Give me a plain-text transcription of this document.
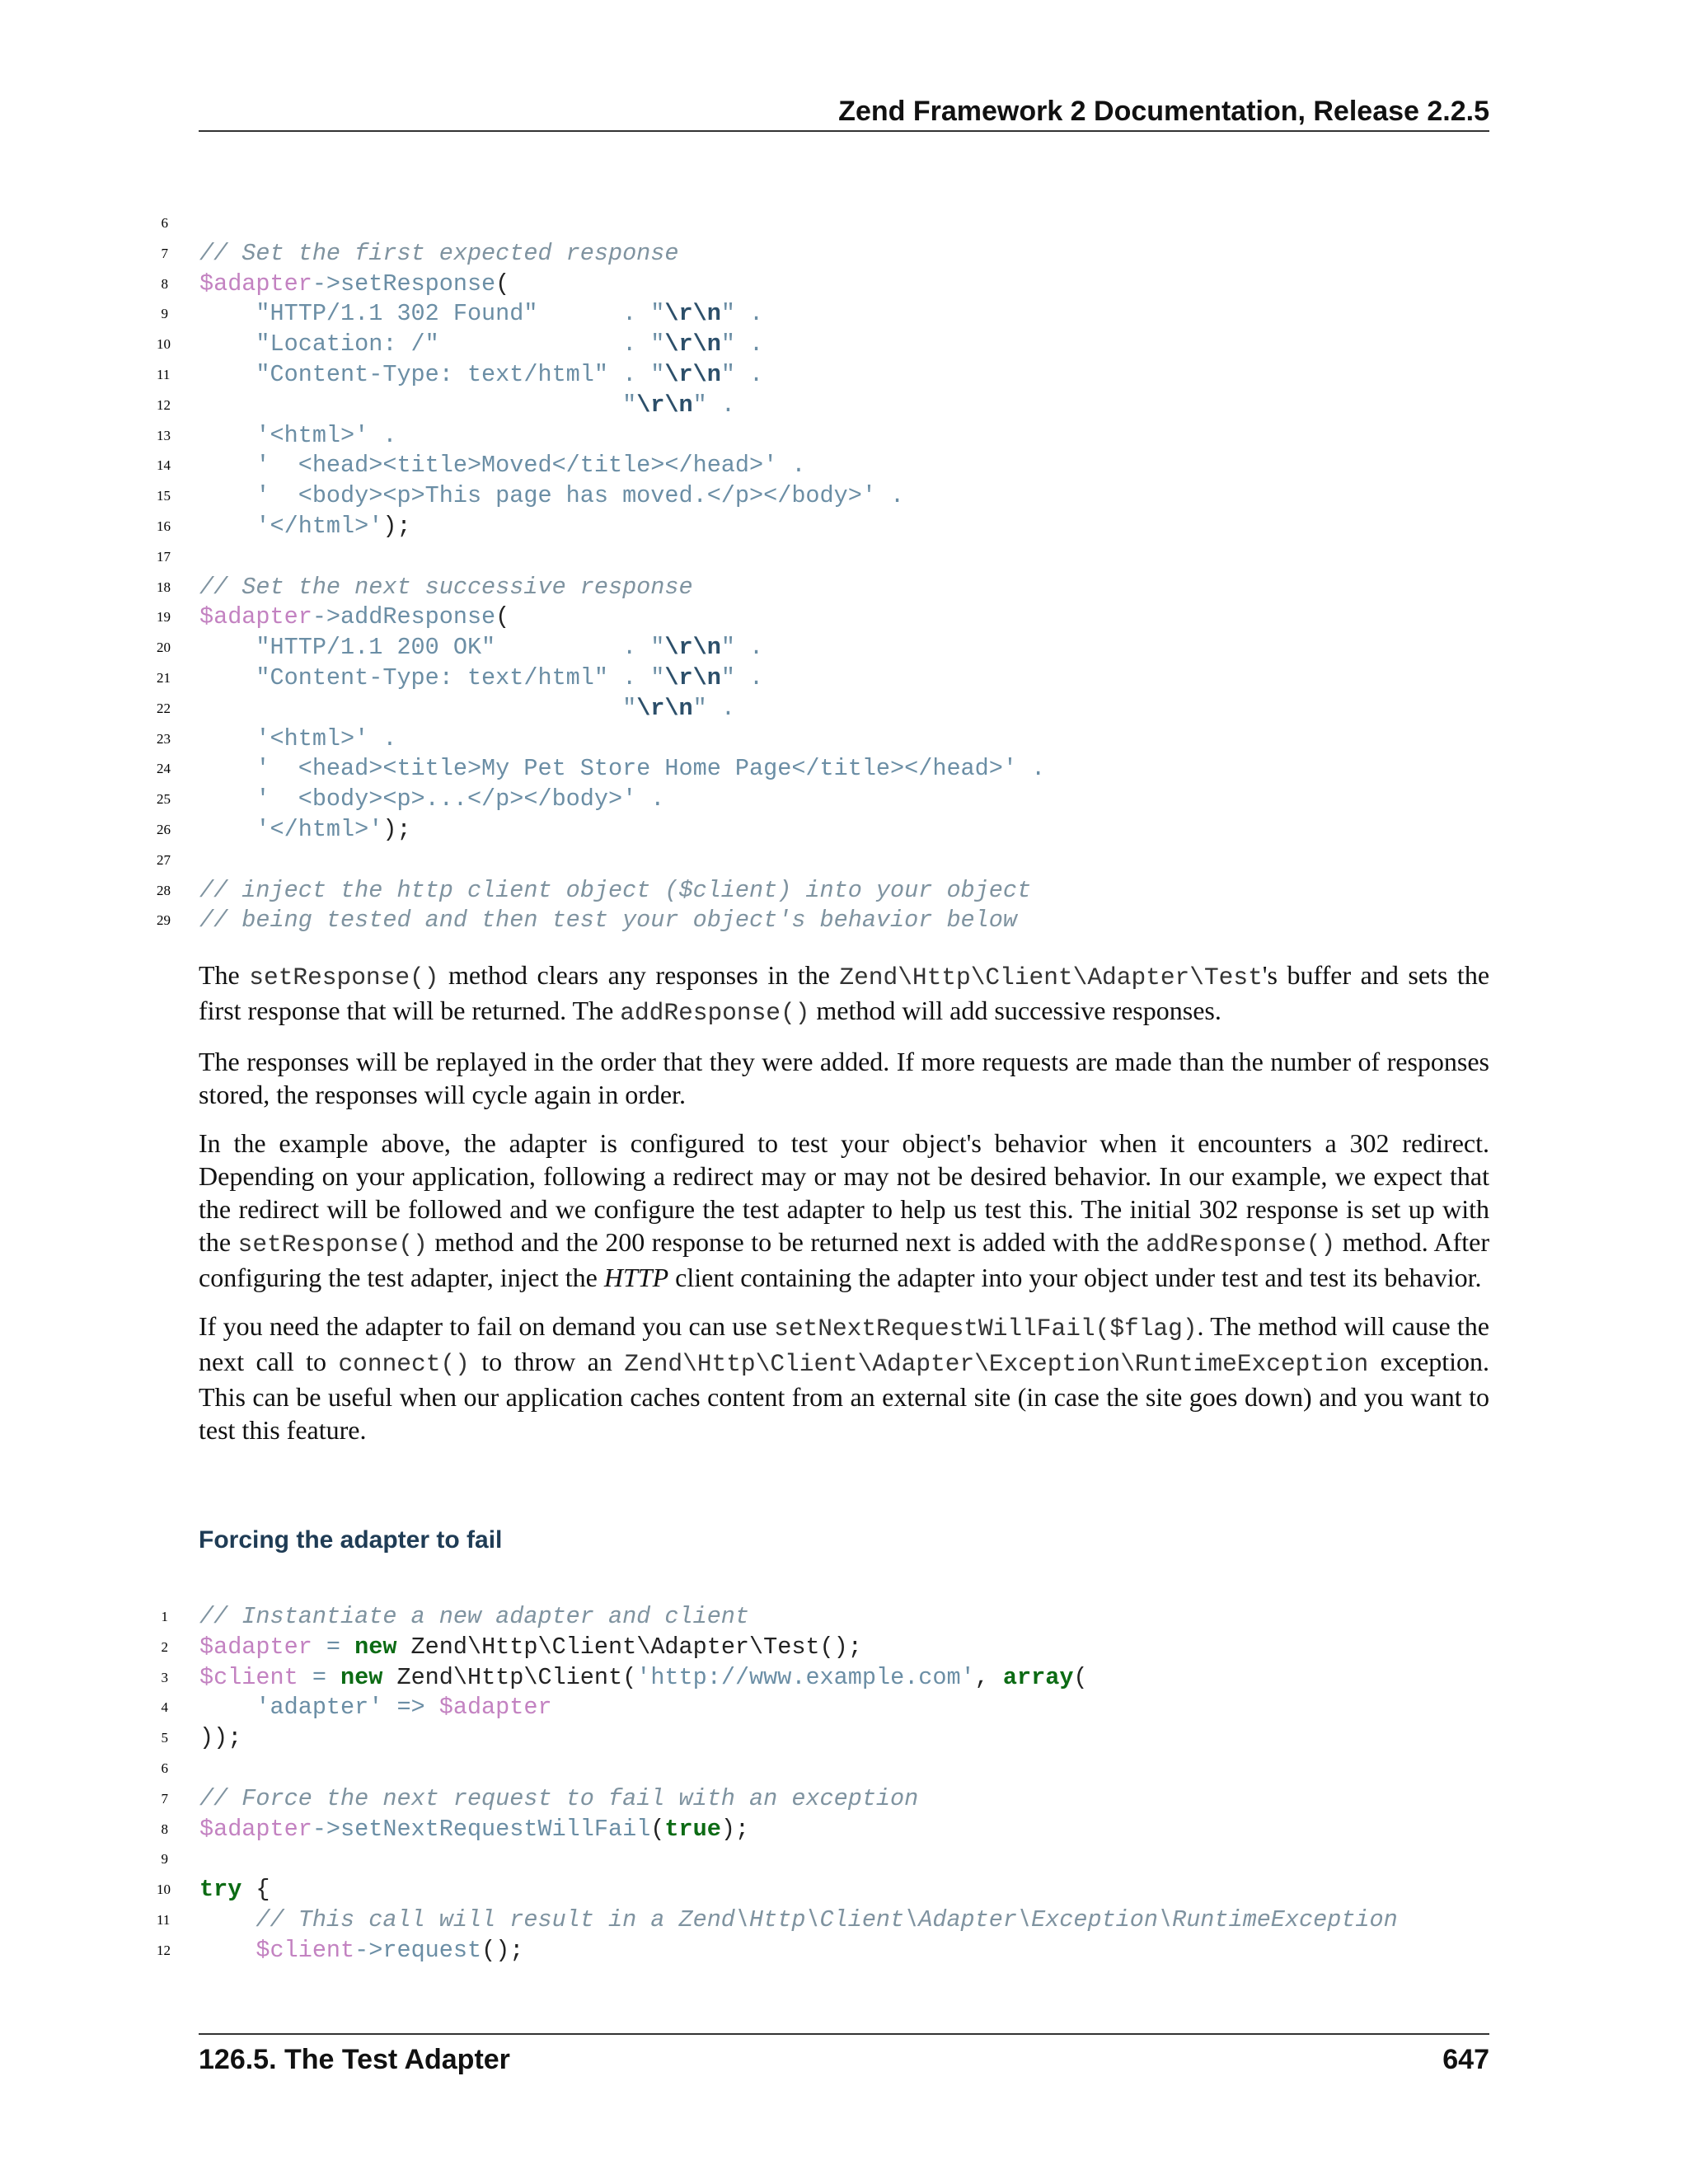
Zend Framework 2 Documentation, Release 2.2.5
6
7 // Set the first expected response
8 $adapter->setResponse(
9 "HTTP/1.1 302 Found"      . "\r\n" .
10 "Location: /"             . "\r\n" .
11 "Content-Type: text/html" . "\r\n" .
12 "\r\n" .
13 '<html>' .
14 '  <head><title>Moved</title></head>' .
15 '  <body><p>This page has moved.</p></body>' .
16 '</html>');
17
18 // Set the next successive response
19 $adapter->addResponse(
20 "HTTP/1.1 200 OK"         . "\r\n" .
21 "Content-Type: text/html" . "\r\n" .
22 "\r\n" .
23 '<html>' .
24 '  <head><title>My Pet Store Home Page</title></head>' .
25 '  <body><p>...</p></body>' .
26 '</html>');
27
28 // inject the http client object ($client) into your object
29 // being tested and then test your object's behavior below

The setResponse() method clears any responses in the Zend\Http\Client\Adapter\Test's buffer and sets the first response that will be returned. The addResponse() method will add successive responses.

The responses will be replayed in the order that they were added. If more requests are made than the number of responses stored, the responses will cycle again in order.

In the example above, the adapter is configured to test your object's behavior when it encounters a 302 redirect. Depending on your application, following a redirect may or may not be desired behavior. In our example, we expect that the redirect will be followed and we configure the test adapter to help us test this. The initial 302 response is set up with the setResponse() method and the 200 response to be returned next is added with the addResponse() method. After configuring the test adapter, inject the HTTP client containing the adapter into your object under test and test its behavior.

If you need the adapter to fail on demand you can use setNextRequestWillFail($flag). The method will cause the next call to connect() to throw an Zend\Http\Client\Adapter\Exception\RuntimeException exception. This can be useful when our application caches content from an external site (in case the site goes down) and you want to test this feature.

Forcing the adapter to fail
1 // Instantiate a new adapter and client
2 $adapter = new Zend\Http\Client\Adapter\Test();
3 $client = new Zend\Http\Client('http://www.example.com', array(
4 'adapter' => $adapter
5 ));
6
7 // Force the next request to fail with an exception
8 $adapter->setNextRequestWillFail(true);
9
10 try {
11 // This call will result in a Zend\Http\Client\Adapter\Exception\RuntimeException
12	$client->request();
126.5. The Test Adapter	647
